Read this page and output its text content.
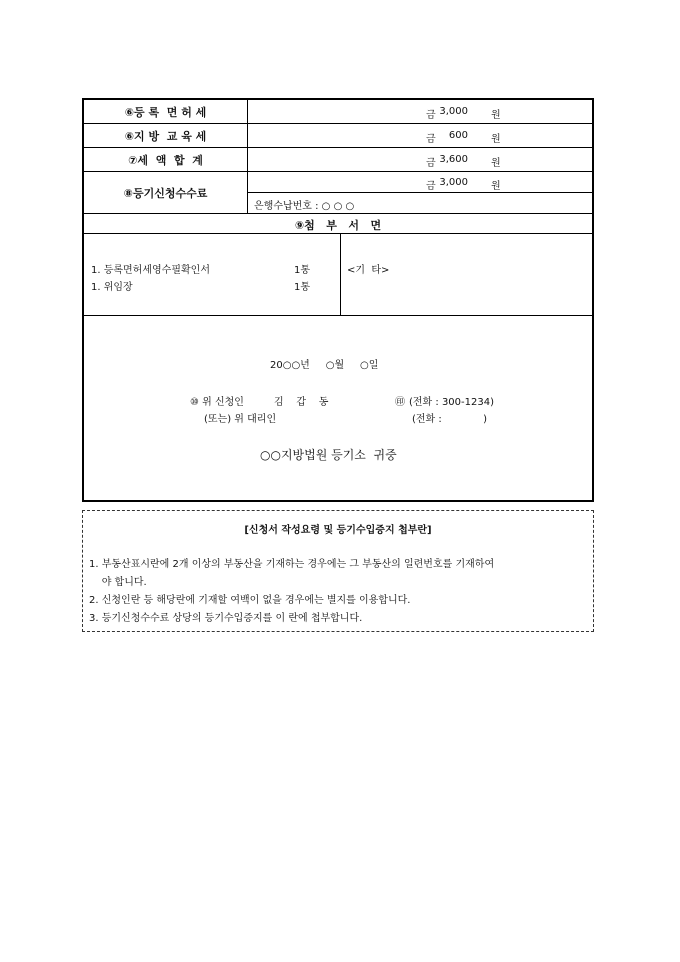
⑥등 록  면 허 세	금 3,000 원
⑥지 방  교 육 세	금 600 원
⑦세  액  합  계	금 3,600 원
⑧등기신청수수료	금 3,000 원
은행수납번호 : ○ ○ ○
⑨첨   부   서   면
1. 등록면허세영수필확인서	1통
1. 위임장	1통
<기  타>
20○○년     ○월     ○일
⑩ 위 신청인	김    갑    동	㊞ (전화 : 300-1234)
(또는) 위 대리인	(전화 :             )
○○지방법원 등기소  귀중
[신청서 작성요령 및 등기수입증지 첩부란]
1. 부동산표시란에 2개 이상의 부동산을 기재하는 경우에는 그 부동산의 일련번호를 기재하여
야 합니다.
2. 신청인란 등 해당란에 기재할 여백이 없을 경우에는 별지를 이용합니다.
3. 등기신청수수료 상당의 등기수입증지를 이 란에 첩부합니다.
